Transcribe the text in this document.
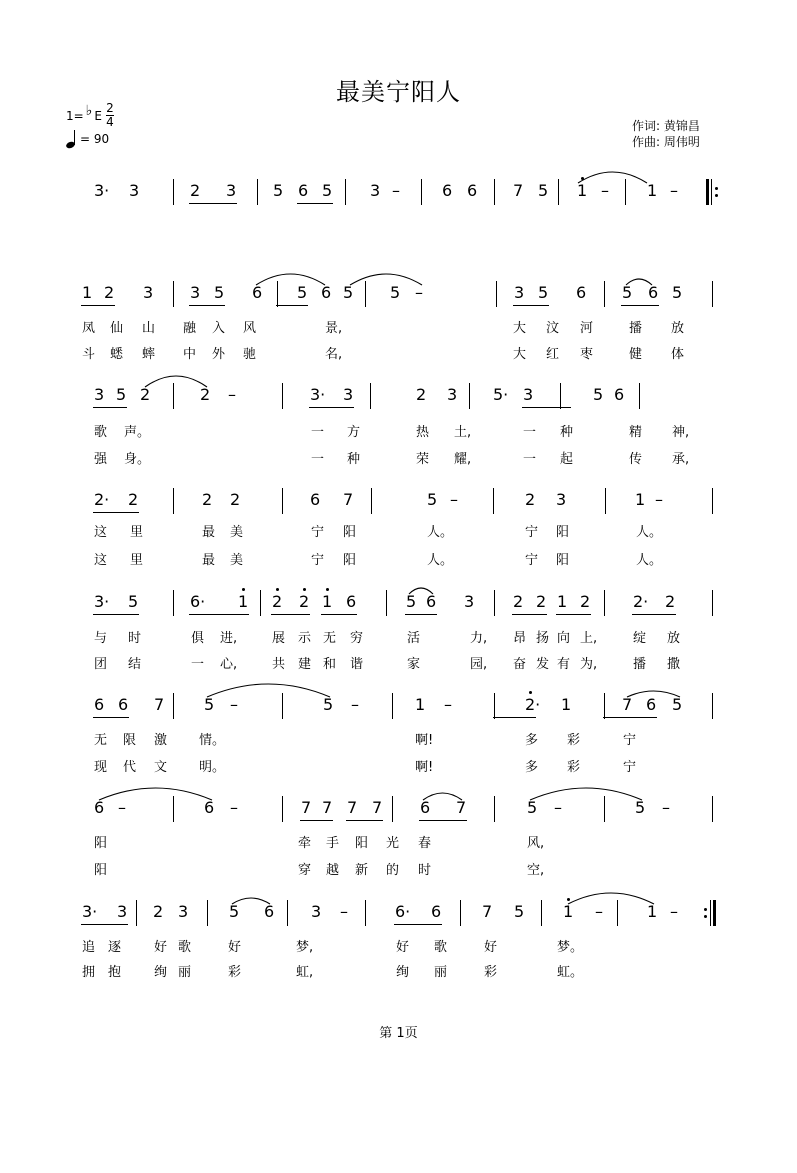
最美宁阳人
1= ♭ E $\frac{2}{4}$
= 90
作词: 黄锦昌
作曲: 周伟明
3· 3	2 3 5 6 5 3 –	6 6 7 5 1 – 1 –
1 2 3 3 5 6 5 6 5 5 –	3 5 6 5 6 5
凤 仙 山 融 入 风	景,	大 汶 河	播 放
斗 蟋 蟀 中 外 驰	名,	大 红 枣	健 体
3 5 2	2 –	3· 3	2 3 5· 3	5 6
歌 声。	一 方	热 土,	一 种	精 神,
强 身。	一 种	荣 耀,	一 起	传 承,
2· 2	2 2	6 7	5 –	2 3	1 –
这 里	最 美	宁 阳	人。	宁 阳	人。
这 里	最 美	宁 阳	人。	宁 阳	人。
3· 5	6· 1 2 2 1 6	5 6 3 2 2 1 2	2· 2
与 时	俱 进,	展 示 无 穷	活	力, 昂 扬 向 上,	绽 放
团 结	一 心,	共 建 和 谐	家	园, 奋 发 有 为,	播 撒
6 6 7 5 –	5 –	1 –	2· 1	7 6 5
无 限 激 情。	啊!	多 彩	宁
现 代 文 明。	啊!	多 彩	宁
6 –	6 –	7 7 7 7 6 7	5 –	5 –
阳	牵 手 阳 光 春	风,
阳	穿 越 新 的 时	空,
3· 3 2 3	5 6 3 –	6· 6	7 5 1 –	1 –
追 逐	好 歌	好	梦,	好 歌	好	梦。
拥 抱	绚 丽	彩	虹,	绚 丽	彩	虹。
第 1页
